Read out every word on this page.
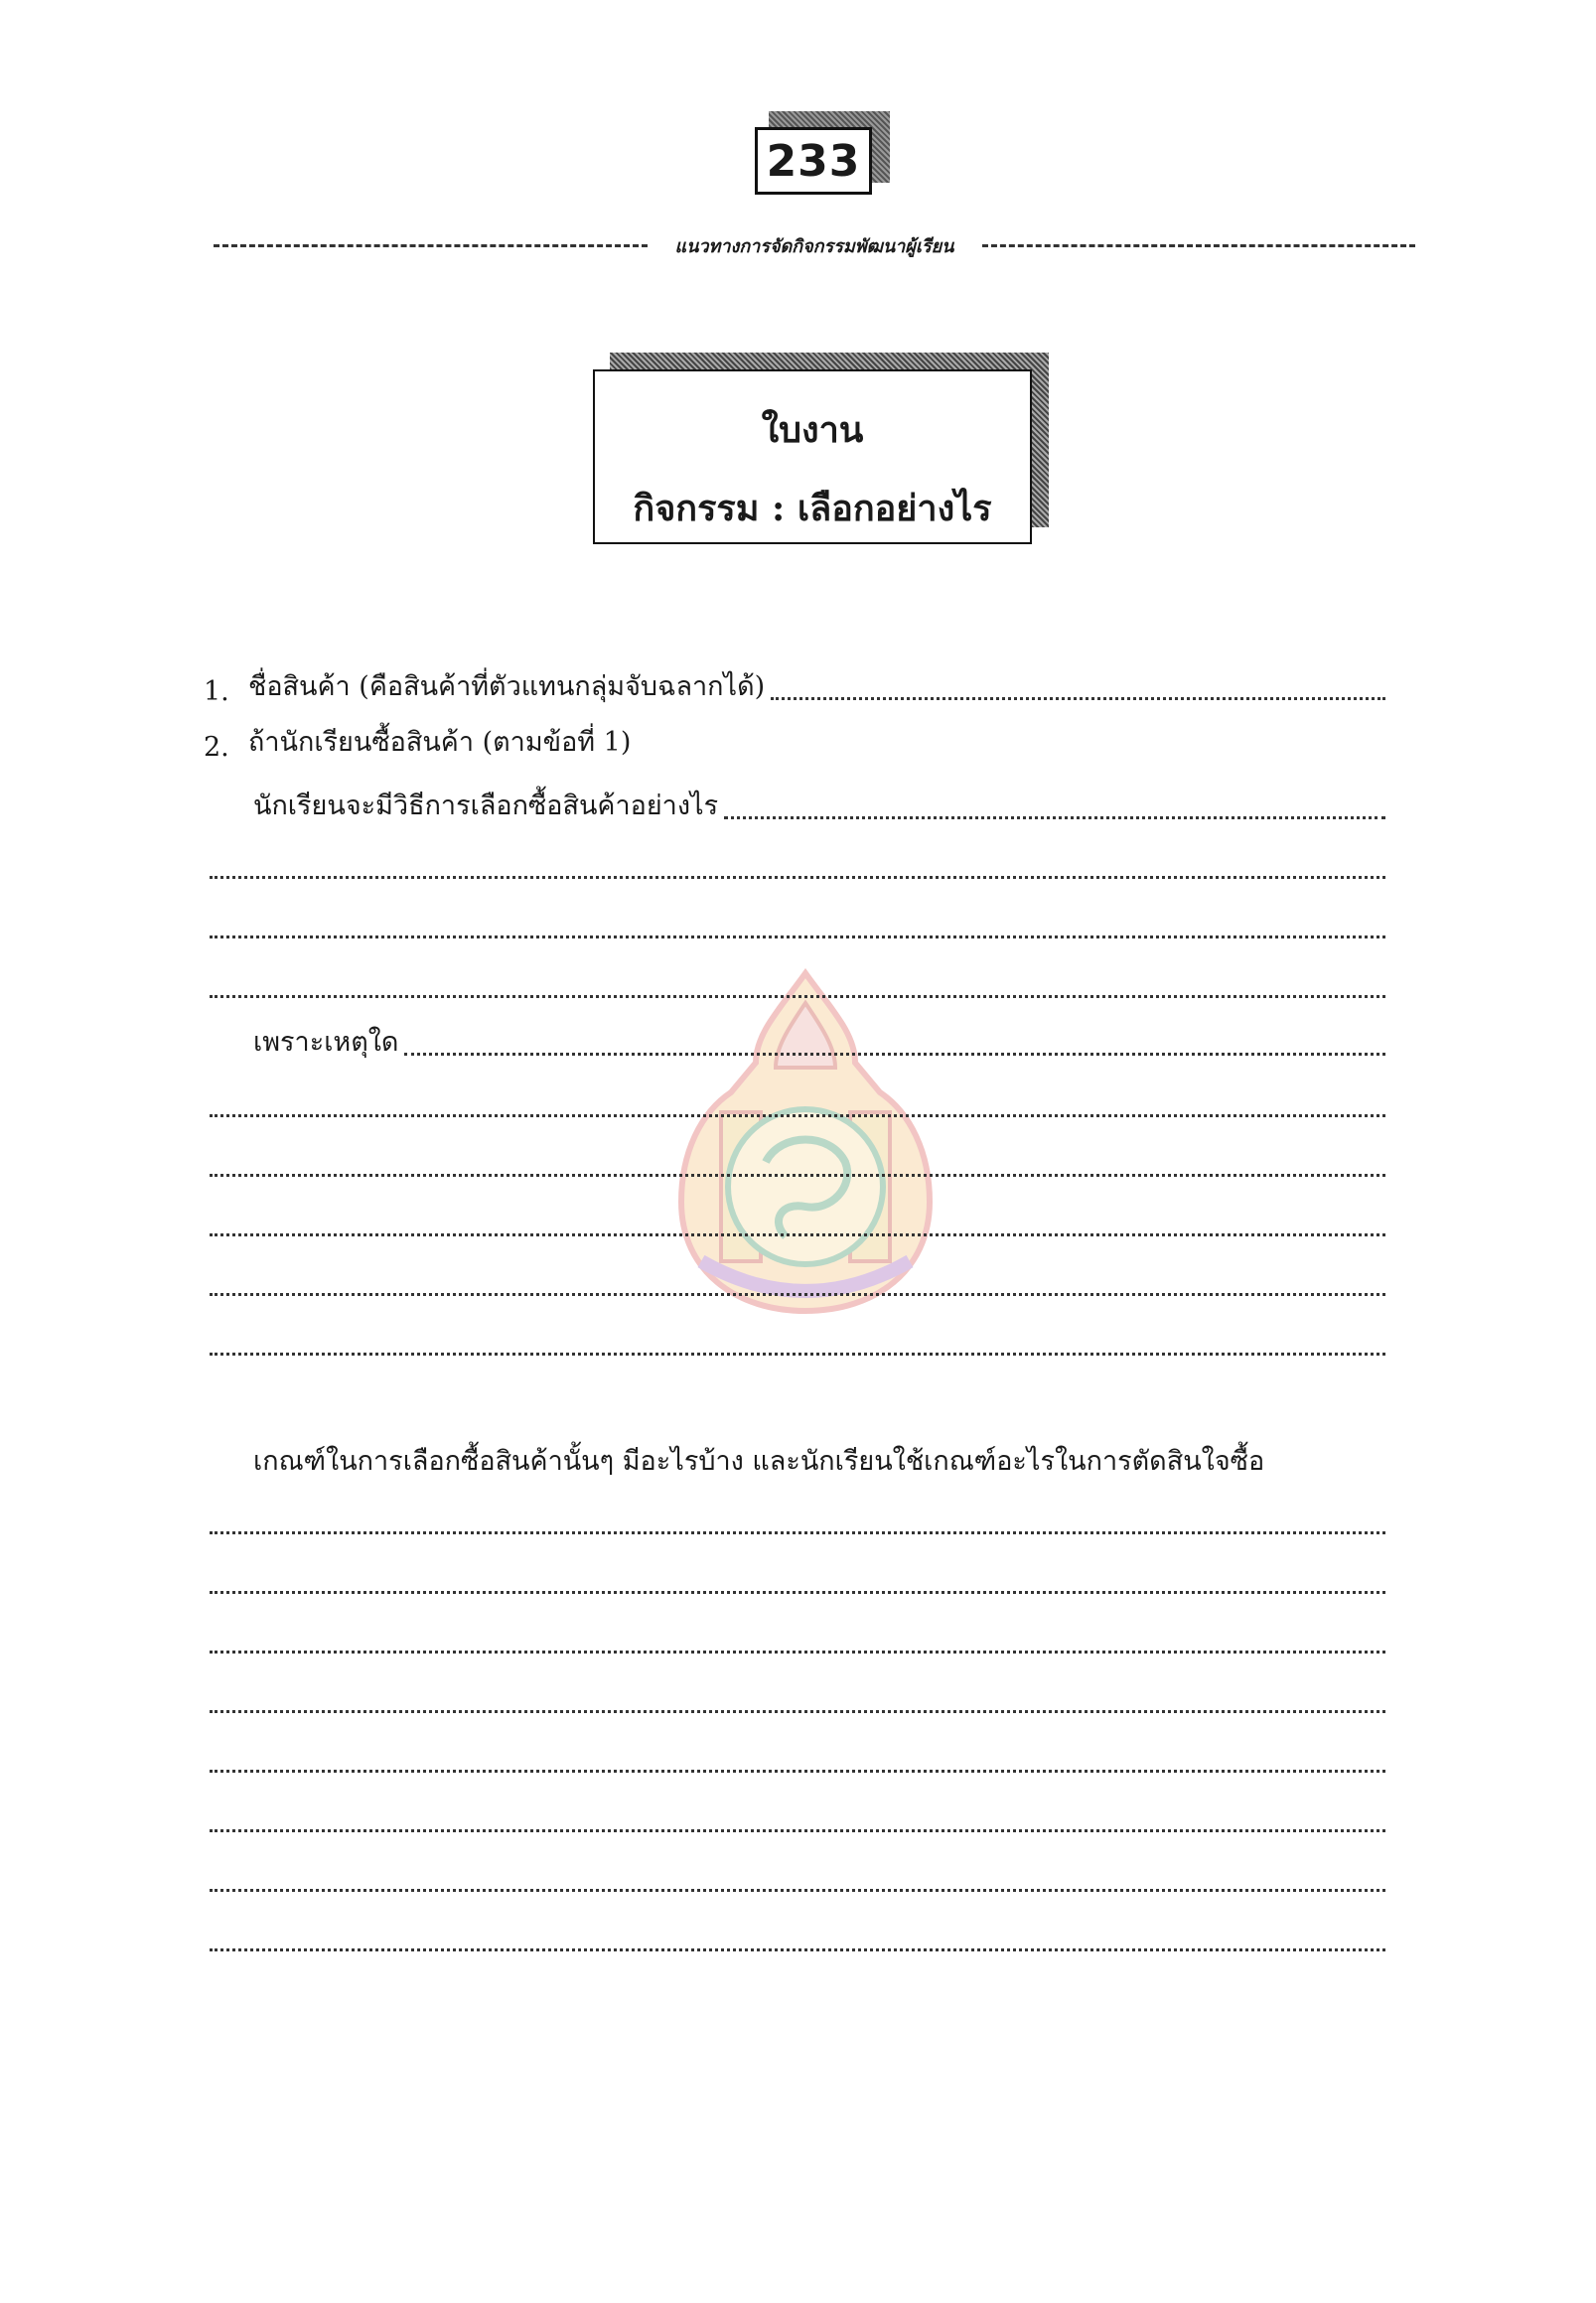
233
แนวทางการจัดกิจกรรมพัฒนาผู้เรียน
ใบงาน
กิจกรรม : เลือกอย่างไร
1. ชื่อสินค้า (คือสินค้าที่ตัวแทนกลุ่มจับฉลากได้)
2. ถ้านักเรียนซื้อสินค้า (ตามข้อที่ 1)
นักเรียนจะมีวิธีการเลือกซื้อสินค้าอย่างไร
เพราะเหตุใด
เกณฑ์ในการเลือกซื้อสินค้านั้นๆ มีอะไรบ้าง และนักเรียนใช้เกณฑ์อะไรในการตัดสินใจซื้อ
